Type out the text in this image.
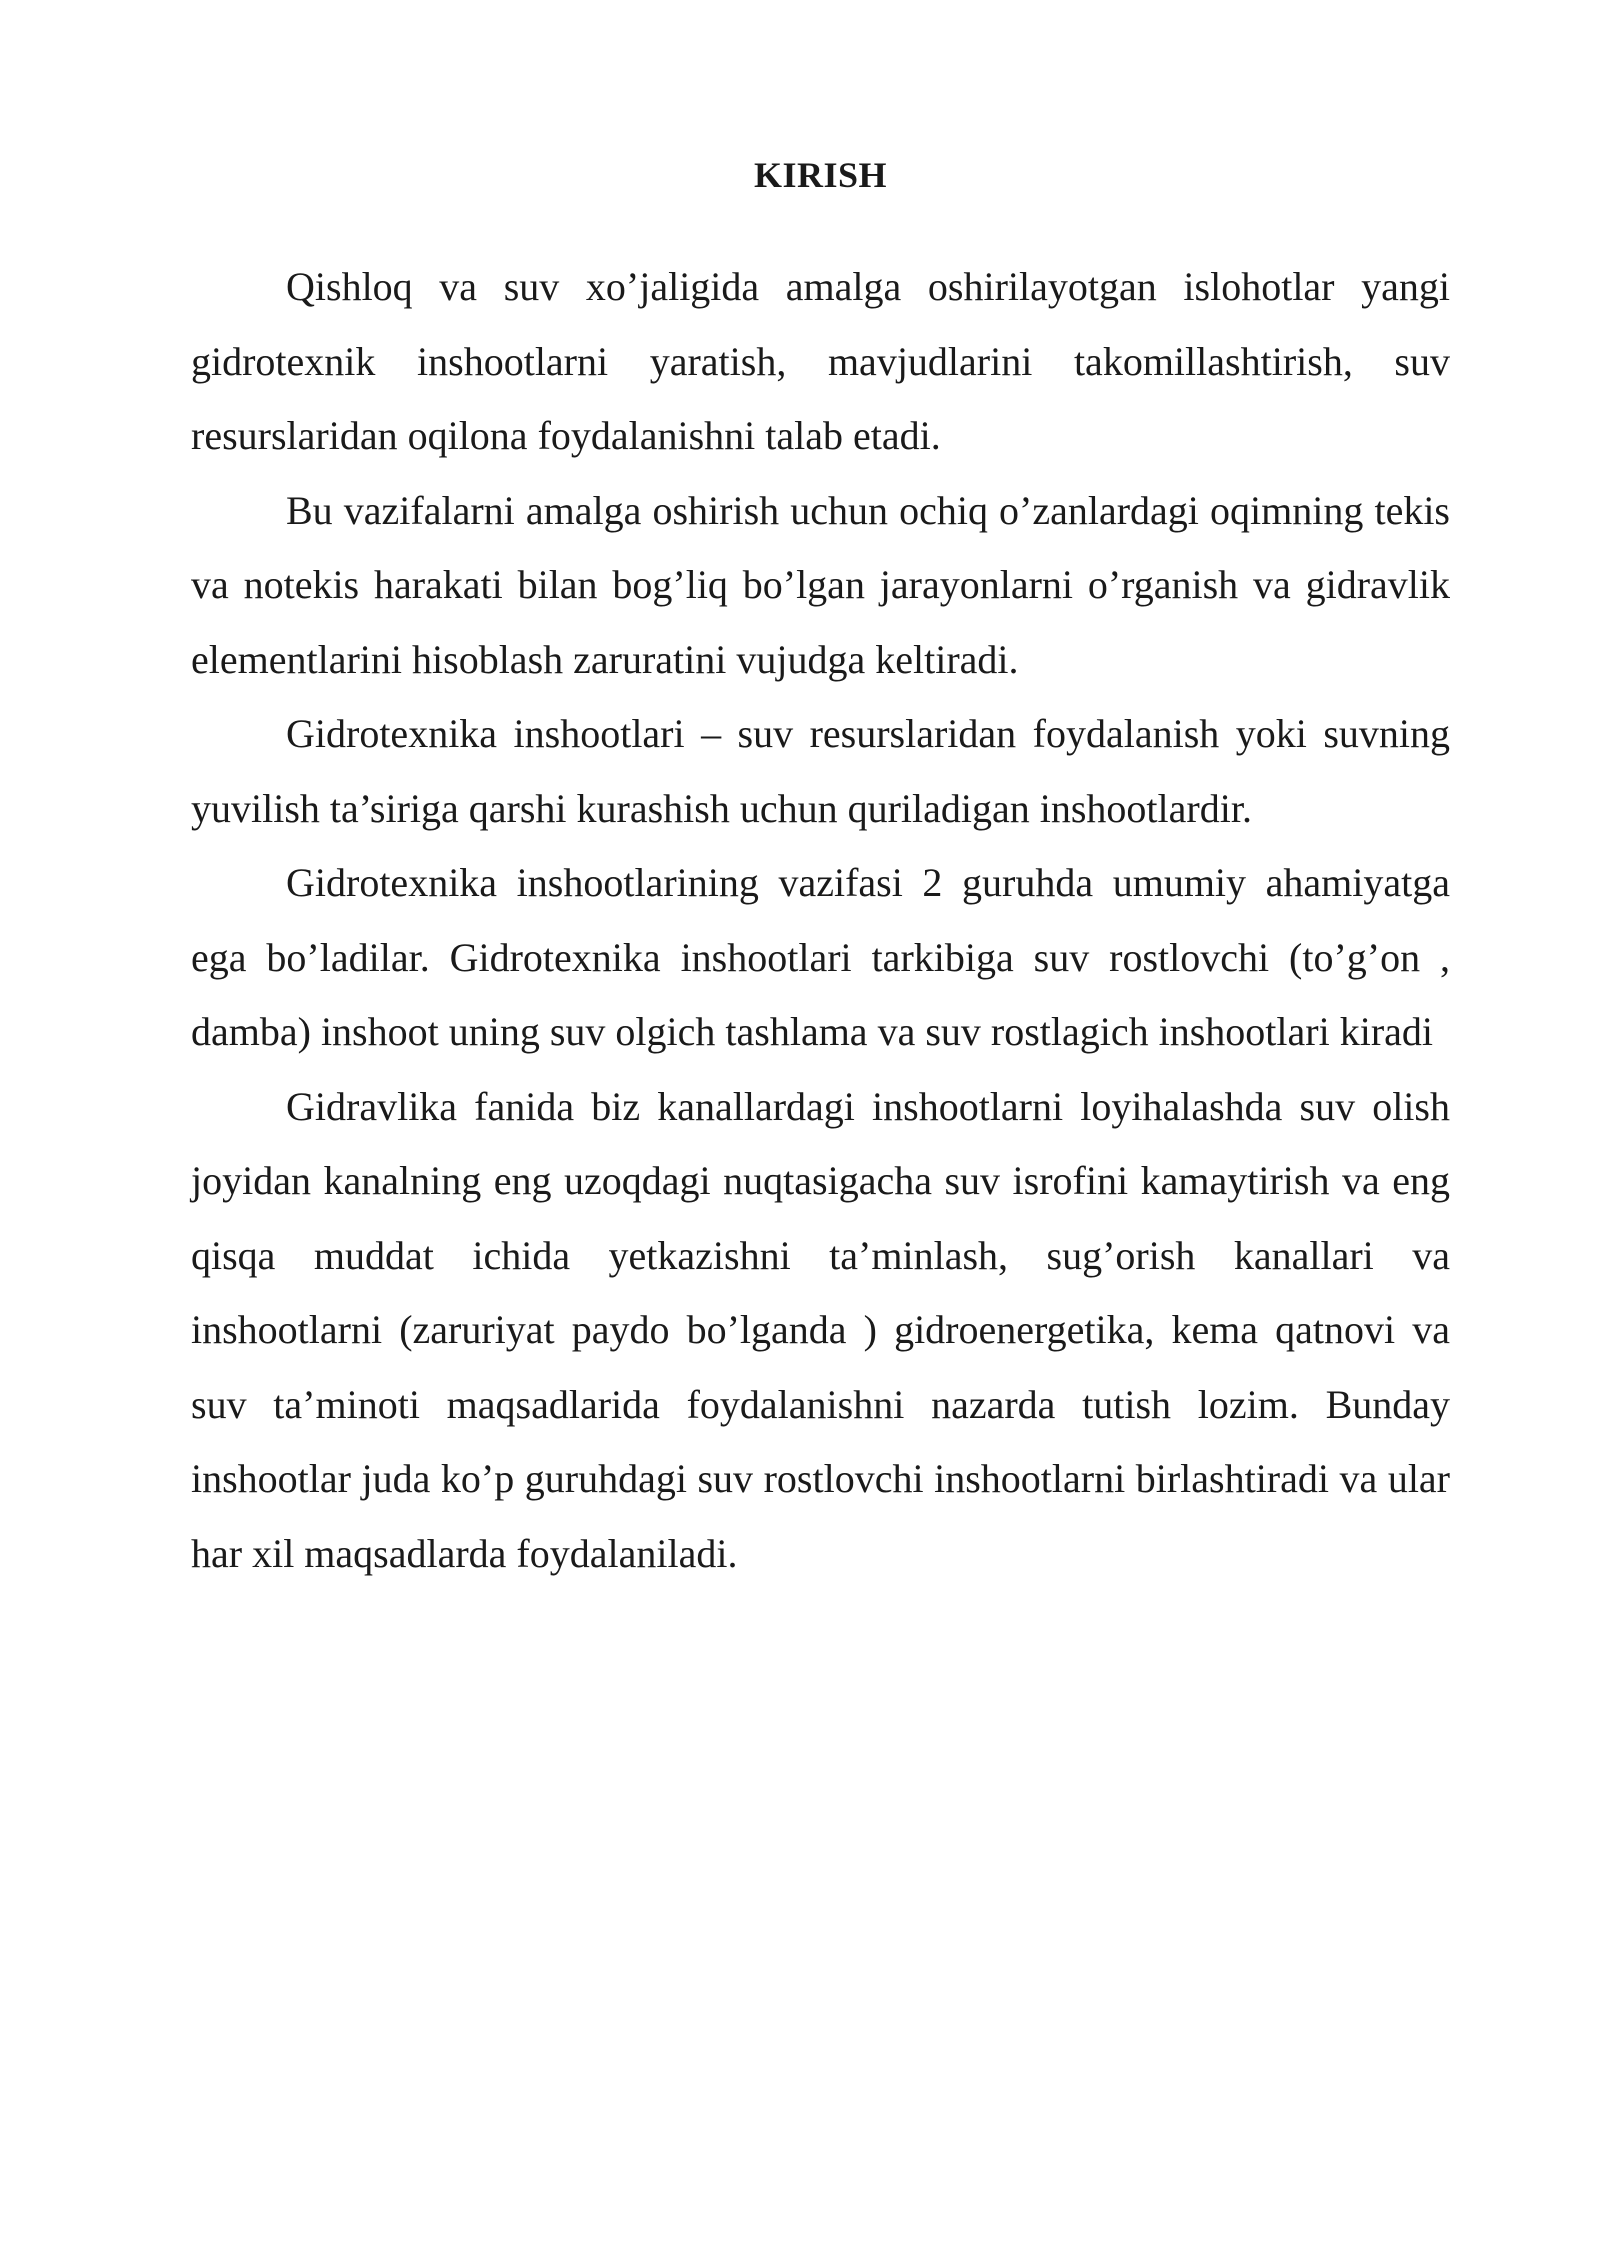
KIRISH

Qishloq va suv xo’jaligida amalga oshirilayotgan islohotlar yangi gidrotexnik inshootlarni yaratish, mavjudlarini takomillashtirish, suv resurslaridan oqilona foydalanishni talab etadi.

Bu vazifalarni amalga oshirish uchun ochiq o’zanlardagi oqimning tekis va notekis harakati bilan bog’liq bo’lgan jarayonlarni o’rganish va gidravlik elementlarini hisoblash zaruratini vujudga keltiradi.

Gidrotexnika inshootlari – suv resurslaridan foydalanish yoki suvning yuvilish ta’siriga qarshi kurashish uchun quriladigan inshootlardir.

Gidrotexnika inshootlarining vazifasi 2 guruhda umumiy ahamiyatga ega bo’ladilar. Gidrotexnika inshootlari tarkibiga suv rostlovchi (to’g’on , damba) inshoot uning suv olgich tashlama va suv rostlagich inshootlari kiradi

Gidravlika fanida biz kanallardagi inshootlarni loyihalashda suv olish joyidan kanalning eng uzoqdagi nuqtasigacha suv isrofini kamaytirish va eng qisqa muddat ichida yetkazishni ta’minlash, sug’orish kanallari va inshootlarni (zaruriyat paydo bo’lganda ) gidroenergetika, kema qatnovi va suv ta’minoti maqsadlarida foydalanishni nazarda tutish lozim. Bunday inshootlar juda ko’p guruhdagi suv rostlovchi inshootlarni birlashtiradi va ular har xil maqsadlarda foydalaniladi.
